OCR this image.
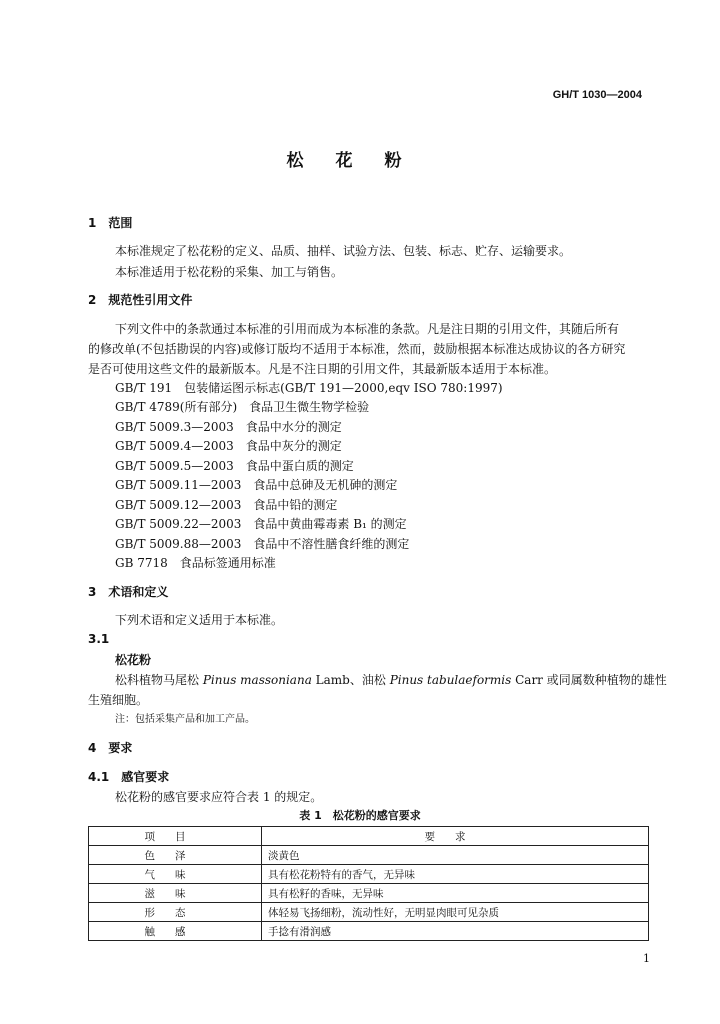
GH/T 1030—2004
松花粉
1　范围
本标准规定了松花粉的定义、品质、抽样、试验方法、包装、标志、贮存、运输要求。
本标准适用于松花粉的采集、加工与销售。
2　规范性引用文件
下列文件中的条款通过本标准的引用而成为本标准的条款。凡是注日期的引用文件，其随后所有
的修改单(不包括勘误的内容)或修订版均不适用于本标准，然而，鼓励根据本标准达成协议的各方研究
是否可使用这些文件的最新版本。凡是不注日期的引用文件，其最新版本适用于本标准。
GB/T 191　包装储运图示标志(GB/T 191—2000,eqv ISO 780:1997)
GB/T 4789(所有部分)　食品卫生微生物学检验
GB/T 5009.3—2003　食品中水分的测定
GB/T 5009.4—2003　食品中灰分的测定
GB/T 5009.5—2003　食品中蛋白质的测定
GB/T 5009.11—2003　食品中总砷及无机砷的测定
GB/T 5009.12—2003　食品中铅的测定
GB/T 5009.22—2003　食品中黄曲霉毒素 B₁ 的测定
GB/T 5009.88—2003　食品中不溶性膳食纤维的测定
GB 7718　食品标签通用标准
3　术语和定义
下列术语和定义适用于本标准。
3.1
松花粉
松科植物马尾松 Pinus massoniana Lamb、油松 Pinus tabulaeformis Carr 或同属数种植物的雄性
生殖细胞。
注：包括采集产品和加工产品。
4　要求
4.1　感官要求
松花粉的感官要求应符合表 1 的规定。
表 1　松花粉的感官要求
项目	要求
色泽	淡黄色
气味	具有松花粉特有的香气，无异味
滋味	具有松籽的香味，无异味
形态	体轻易飞扬细粉，流动性好，无明显肉眼可见杂质
触感	手捻有滑润感
1
